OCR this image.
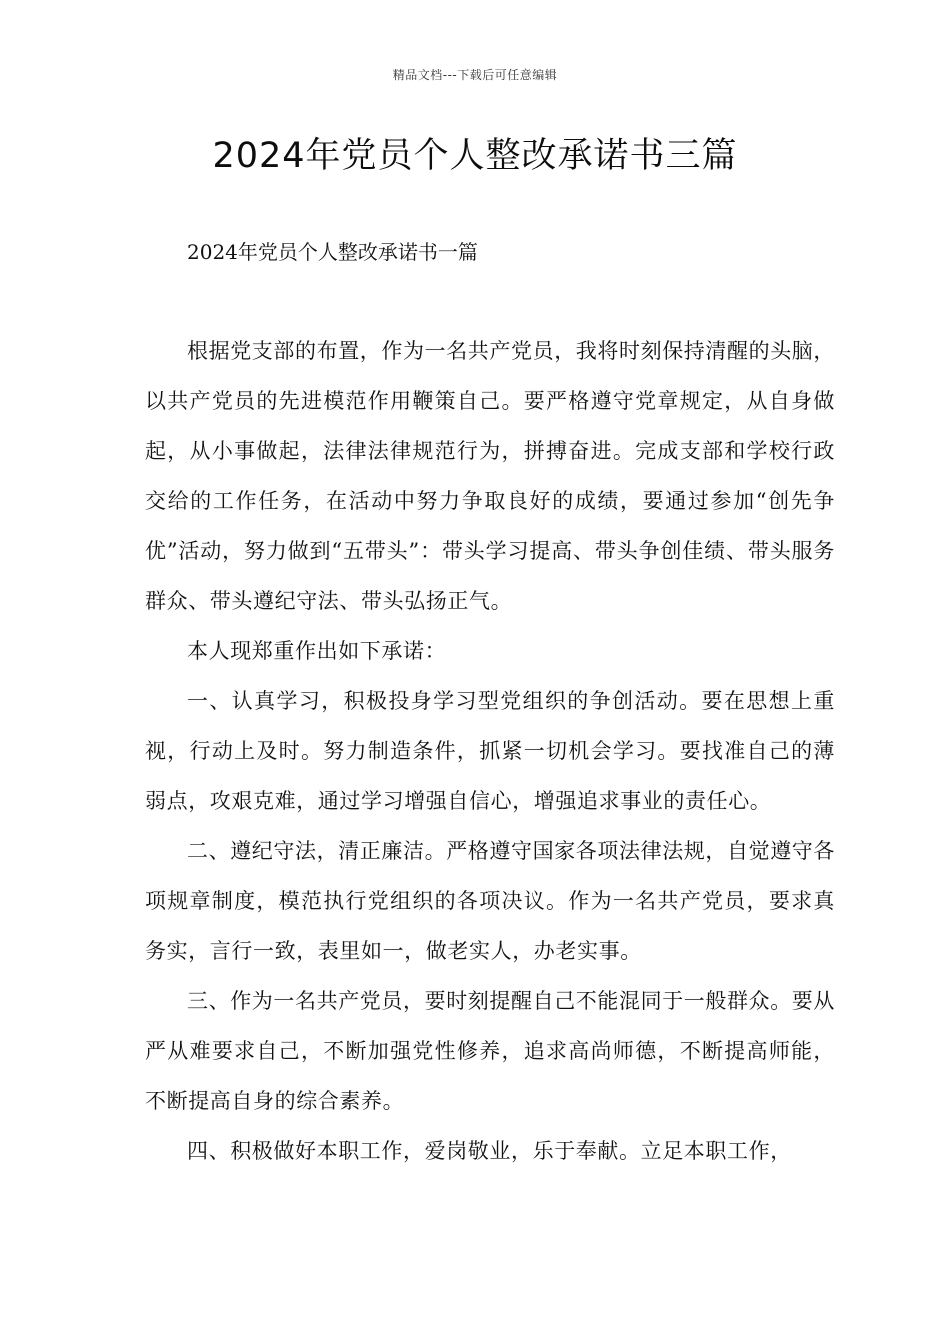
精品文档---下载后可任意编辑
2024年党员个人整改承诺书三篇
2024年党员个人整改承诺书一篇

根据党支部的布置，作为一名共产党员，我将时刻保持清醒的头脑，以共产党员的先进模范作用鞭策自己。要严格遵守党章规定，从自身做起，从小事做起，法律法律规范行为，拼搏奋进。完成支部和学校行政交给的工作任务，在活动中努力争取良好的成绩，要通过参加“创先争优”活动，努力做到“五带头”：带头学习提高、带头争创佳绩、带头服务群众、带头遵纪守法、带头弘扬正气。

本人现郑重作出如下承诺：

一、认真学习，积极投身学习型党组织的争创活动。要在思想上重视，行动上及时。努力制造条件，抓紧一切机会学习。要找准自己的薄弱点，攻艰克难，通过学习增强自信心，增强追求事业的责任心。

二、遵纪守法，清正廉洁。严格遵守国家各项法律法规，自觉遵守各项规章制度，模范执行党组织的各项决议。作为一名共产党员，要求真务实，言行一致，表里如一，做老实人，办老实事。

三、作为一名共产党员，要时刻提醒自己不能混同于一般群众。要从严从难要求自己，不断加强党性修养，追求高尚师德，不断提高师能，不断提高自身的综合素养。

四、积极做好本职工作，爱岗敬业，乐于奉献。立足本职工作，
